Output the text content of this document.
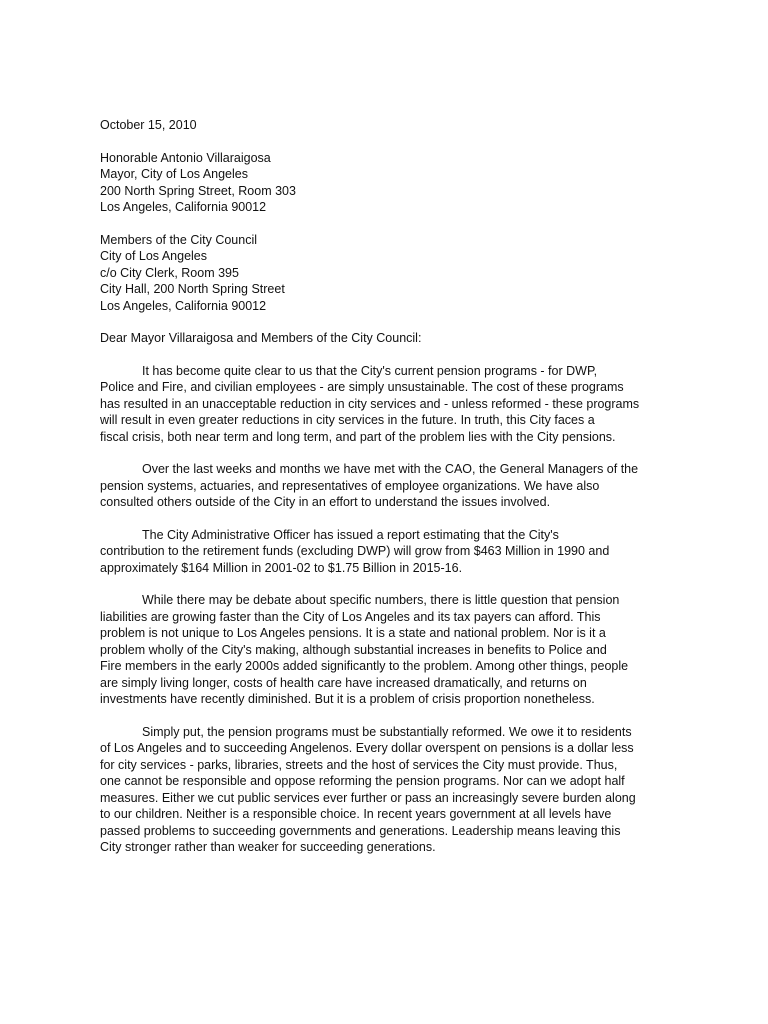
October 15, 2010
Honorable Antonio Villaraigosa
Mayor, City of Los Angeles
200 North Spring Street, Room 303
Los Angeles, California 90012
Members of the City Council
City of Los Angeles
c/o City Clerk, Room 395
City Hall, 200 North Spring Street
Los Angeles, California 90012
Dear Mayor Villaraigosa and Members of the City Council:
It has become quite clear to us that the City's current pension programs - for DWP,
Police and Fire, and civilian employees - are simply unsustainable. The cost of these programs
has resulted in an unacceptable reduction in city services and - unless reformed - these programs
will result in even greater reductions in city services in the future. In truth, this City faces a
fiscal crisis, both near term and long term, and part of the problem lies with the City pensions.
Over the last weeks and months we have met with the CAO, the General Managers of the
pension systems, actuaries, and representatives of employee organizations. We have also
consulted others outside of the City in an effort to understand the issues involved.
The City Administrative Officer has issued a report estimating that the City's
contribution to the retirement funds (excluding DWP) will grow from $463 Million in 1990 and
approximately $164 Million in 2001-02 to $1.75 Billion in 2015-16.
While there may be debate about specific numbers, there is little question that pension
liabilities are growing faster than the City of Los Angeles and its tax payers can afford. This
problem is not unique to Los Angeles pensions. It is a state and national problem. Nor is it a
problem wholly of the City's making, although substantial increases in benefits to Police and
Fire members in the early 2000s added significantly to the problem. Among other things, people
are simply living longer, costs of health care have increased dramatically, and returns on
investments have recently diminished. But it is a problem of crisis proportion nonetheless.
Simply put, the pension programs must be substantially reformed. We owe it to residents
of Los Angeles and to succeeding Angelenos. Every dollar overspent on pensions is a dollar less
for city services - parks, libraries, streets and the host of services the City must provide. Thus,
one cannot be responsible and oppose reforming the pension programs. Nor can we adopt half
measures. Either we cut public services ever further or pass an increasingly severe burden along
to our children. Neither is a responsible choice. In recent years government at all levels have
passed problems to succeeding governments and generations. Leadership means leaving this
City stronger rather than weaker for succeeding generations.
